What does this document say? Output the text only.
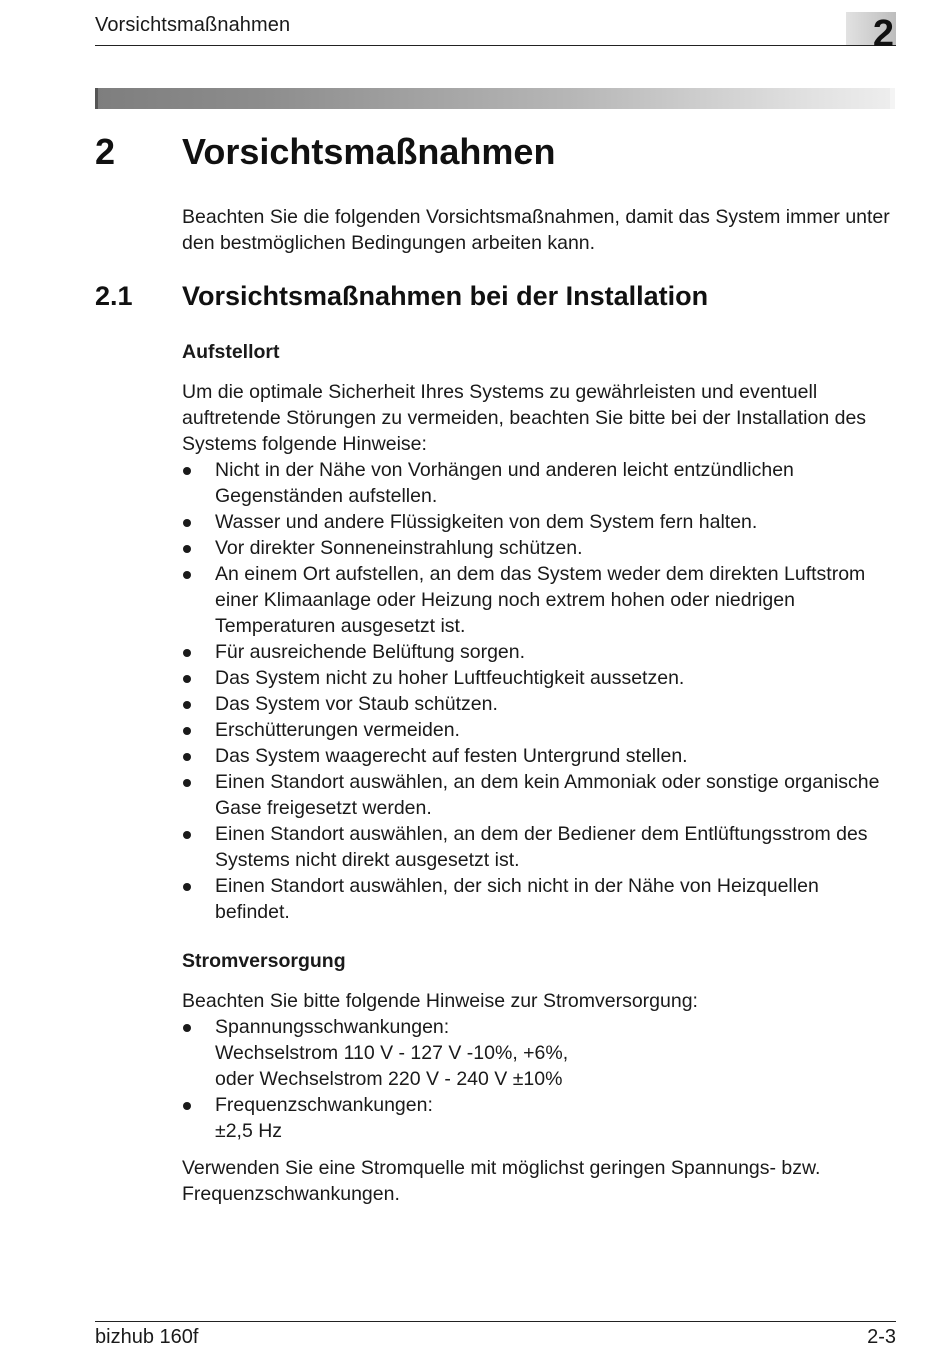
Vorsichtsmaßnahmen	2
2 Vorsichtsmaßnahmen
Beachten Sie die folgenden Vorsichtsmaßnahmen, damit das System immer unter den bestmöglichen Bedingungen arbeiten kann.
2.1 Vorsichtsmaßnahmen bei der Installation
Aufstellort
Um die optimale Sicherheit Ihres Systems zu gewährleisten und eventuell auftretende Störungen zu vermeiden, beachten Sie bitte bei der Installation des Systems folgende Hinweise:
Nicht in der Nähe von Vorhängen und anderen leicht entzündlichen Gegenständen aufstellen.
Wasser und andere Flüssigkeiten von dem System fern halten.
Vor direkter Sonneneinstrahlung schützen.
An einem Ort aufstellen, an dem das System weder dem direkten Luftstrom einer Klimaanlage oder Heizung noch extrem hohen oder niedrigen Temperaturen ausgesetzt ist.
Für ausreichende Belüftung sorgen.
Das System nicht zu hoher Luftfeuchtigkeit aussetzen.
Das System vor Staub schützen.
Erschütterungen vermeiden.
Das System waagerecht auf festen Untergrund stellen.
Einen Standort auswählen, an dem kein Ammoniak oder sonstige organische Gase freigesetzt werden.
Einen Standort auswählen, an dem der Bediener dem Entlüftungsstrom des Systems nicht direkt ausgesetzt ist.
Einen Standort auswählen, der sich nicht in der Nähe von Heizquellen befindet.
Stromversorgung
Beachten Sie bitte folgende Hinweise zur Stromversorgung:
Spannungsschwankungen:
Wechselstrom 110 V - 127 V -10%, +6%,
oder Wechselstrom 220 V - 240 V ±10%
Frequenzschwankungen:
±2,5 Hz
Verwenden Sie eine Stromquelle mit möglichst geringen Spannungs- bzw. Frequenzschwankungen.
bizhub 160f	2-3
